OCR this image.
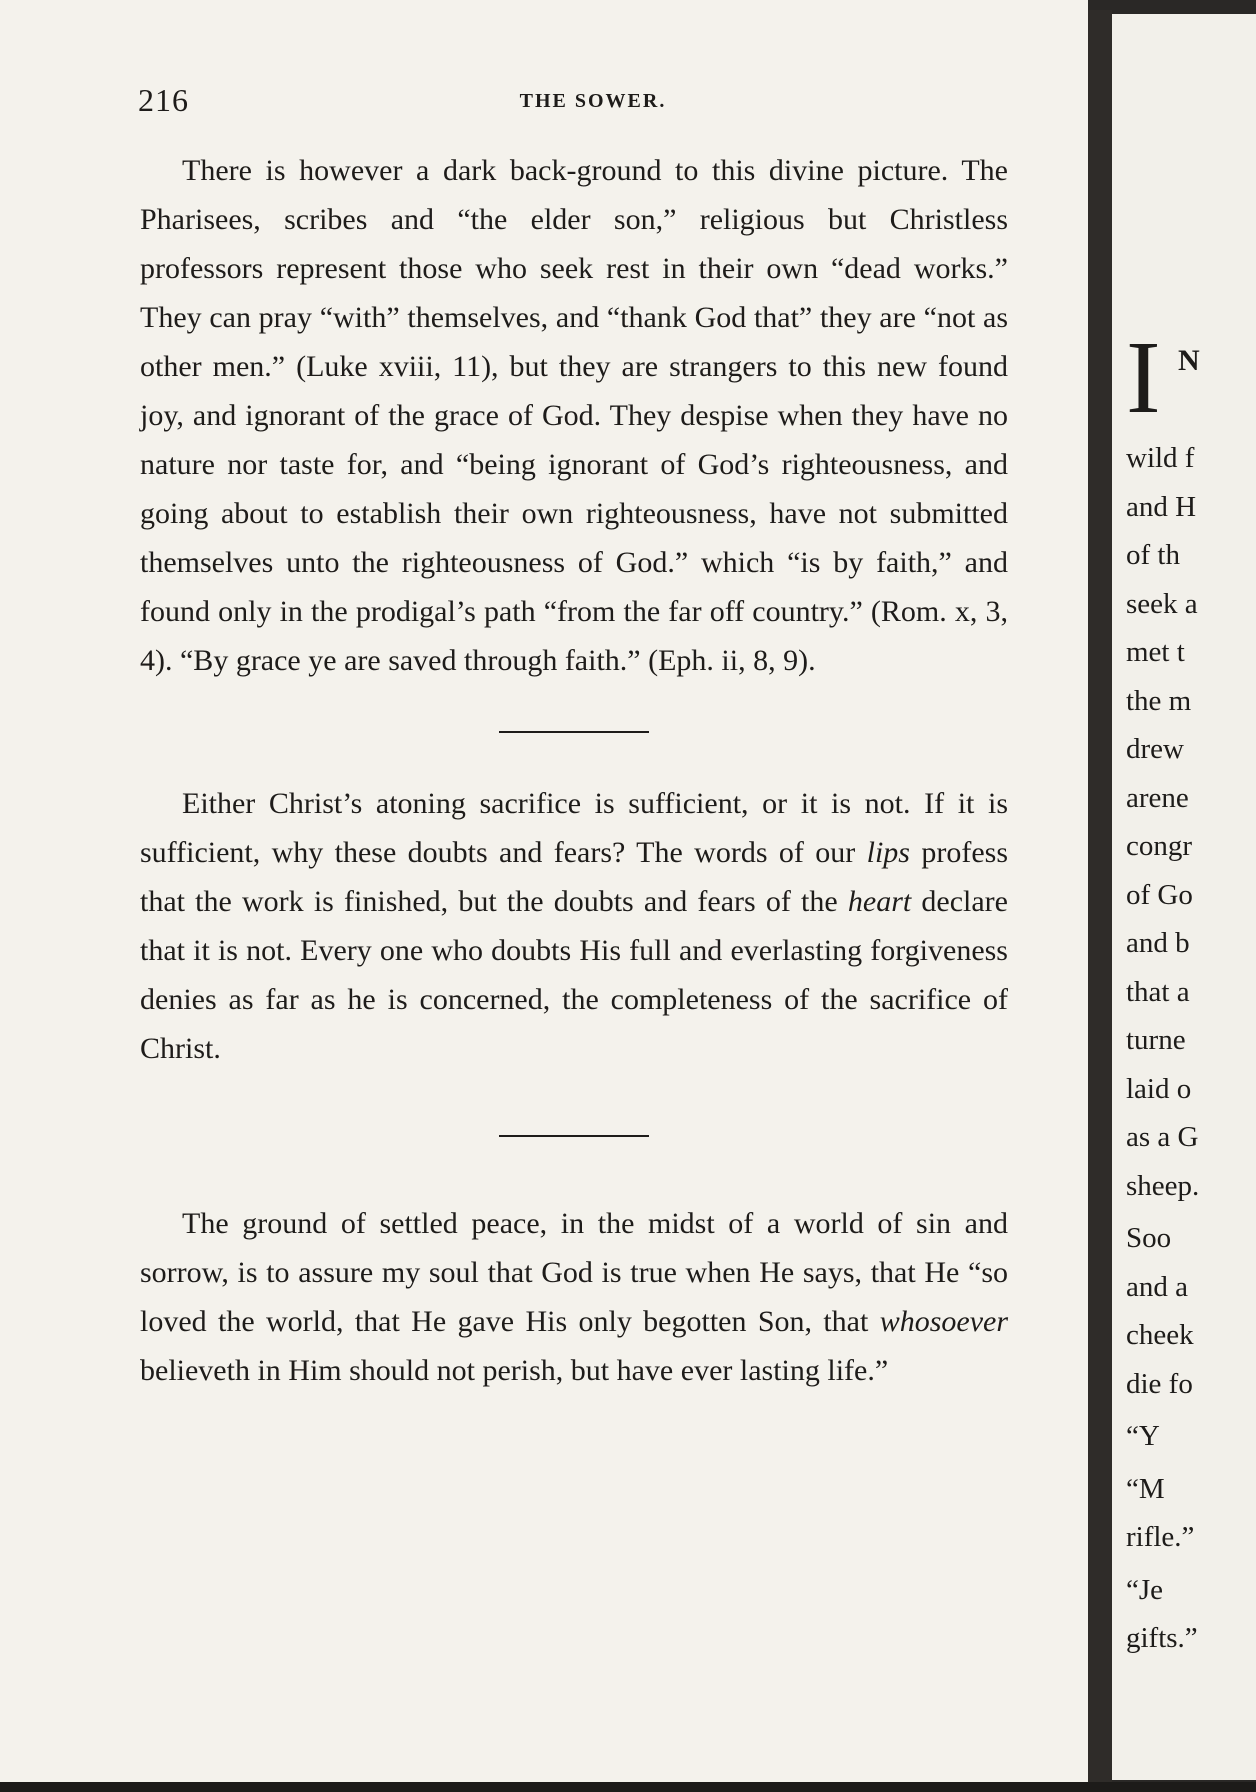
216	THE SOWER.

There is however a dark back-ground to this divine picture. The Pharisees, scribes and “the elder son,” religious but Christless professors represent those who seek rest in their own “dead works.” They can pray “with” themselves, and “thank God that” they are “not as other men.” (Luke xviii, 11), but they are strangers to this new found joy, and ignorant of the grace of God. They despise when they have no nature nor taste for, and “being ignorant of God’s righteousness, and going about to establish their own righteousness, have not submitted themselves unto the righteousness of God.” which “is by faith,” and found only in the prodigal’s path “from the far off country.” (Rom. x, 3, 4). “By grace ye are saved through faith.” (Eph. ii, 8, 9).

Either Christ’s atoning sacrifice is sufficient, or it is not. If it is sufficient, why these doubts and fears? The words of our lips profess that the work is finished, but the doubts and fears of the heart declare that it is not. Every one who doubts His full and everlasting forgiveness denies as far as he is concerned, the completeness of the sacrifice of Christ.

The ground of settled peace, in the midst of a world of sin and sorrow, is to assure my soul that God is true when He says, that He “so loved the world, that He gave His only begotten Son, that whosoever believeth in Him should not perish, but have ever lasting life.”

I N
wild f
and H
of th
seek a
met t
the m
drew
arene
congr
of Go
and b
that a
turne
laid o
as a G
sheep.
Soo
and a
cheek
die fo
“Y
“M
rifle.”
“Je
gifts.”
